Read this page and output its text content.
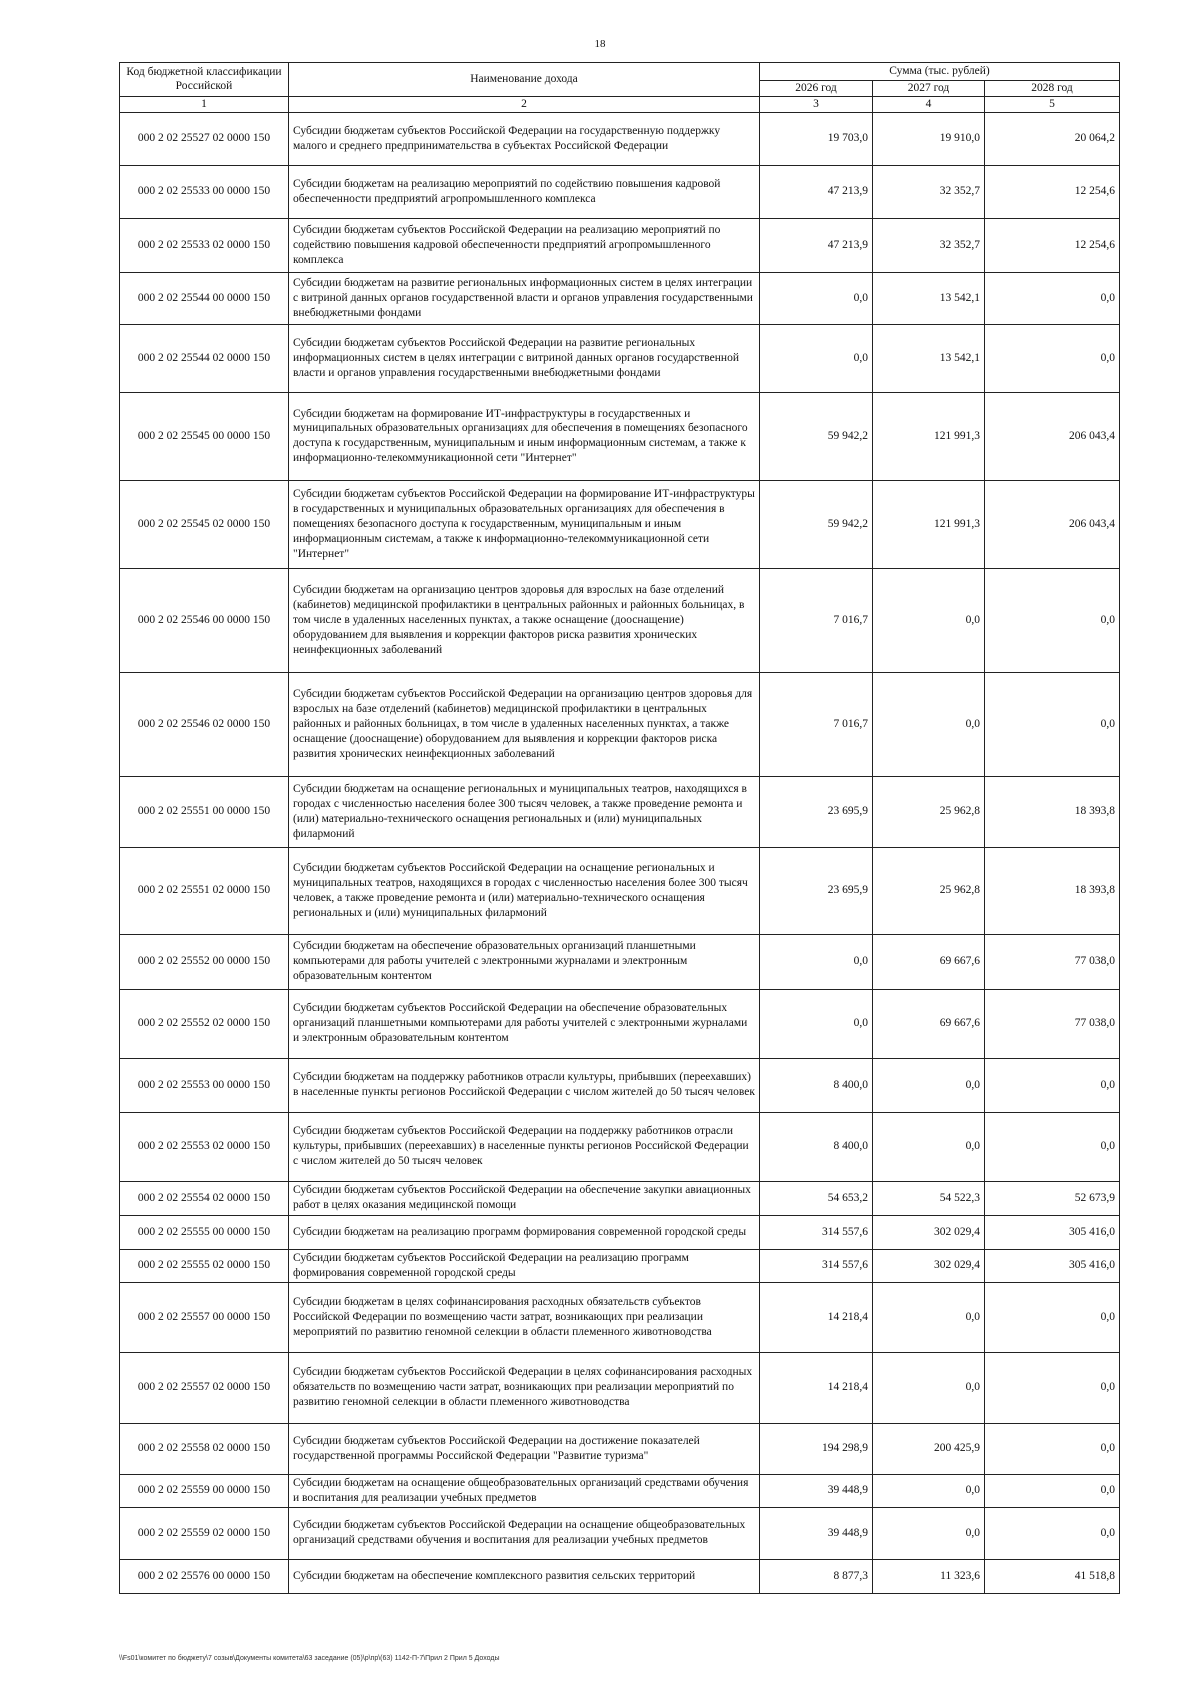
18
Код бюджетной классификации Российской	Наименование дохода	Сумма (тыс. рублей)		
		2026 год	2027 год	2028 год
1	2	3	4	5
000 2 02 25527 02 0000 150	Субсидии бюджетам субъектов Российской Федерации на государственную поддержку малого и среднего предпринимательства в субъектах Российской Федерации	19 703,0	19 910,0	20 064,2
000 2 02 25533 00 0000 150	Субсидии бюджетам на реализацию мероприятий по содействию повышения кадровой обеспеченности предприятий агропромышленного комплекса	47 213,9	32 352,7	12 254,6
000 2 02 25533 02 0000 150	Субсидии бюджетам субъектов Российской Федерации на реализацию мероприятий по содействию повышения кадровой обеспеченности предприятий агропромышленного комплекса	47 213,9	32 352,7	12 254,6
000 2 02 25544 00 0000 150	Субсидии бюджетам на развитие региональных информационных систем в целях интеграции с витриной данных органов государственной власти и органов управления государственными внебюджетными фондами	0,0	13 542,1	0,0
000 2 02 25544 02 0000 150	Субсидии бюджетам субъектов Российской Федерации на развитие региональных информационных систем в целях интеграции с витриной данных органов государственной власти и органов управления государственными внебюджетными фондами	0,0	13 542,1	0,0
000 2 02 25545 00 0000 150	Субсидии бюджетам на формирование ИТ-инфраструктуры в государственных и муниципальных образовательных организациях для обеспечения в помещениях безопасного доступа к государственным, муниципальным и иным информационным системам, а также к информационно-телекоммуникационной сети "Интернет"	59 942,2	121 991,3	206 043,4
000 2 02 25545 02 0000 150	Субсидии бюджетам субъектов Российской Федерации на формирование ИТ-инфраструктуры в государственных и муниципальных образовательных организациях для обеспечения в помещениях безопасного доступа к государственным, муниципальным и иным информационным системам, а также к информационно-телекоммуникационной сети "Интернет"	59 942,2	121 991,3	206 043,4
000 2 02 25546 00 0000 150	Субсидии бюджетам на организацию центров здоровья для взрослых на базе отделений (кабинетов) медицинской профилактики в центральных районных и районных больницах, в том числе в удаленных населенных пунктах, а также оснащение (дооснащение) оборудованием для выявления и коррекции факторов риска развития хронических неинфекционных заболеваний	7 016,7	0,0	0,0
000 2 02 25546 02 0000 150	Субсидии бюджетам субъектов Российской Федерации на организацию центров здоровья для взрослых на базе отделений (кабинетов) медицинской профилактики в центральных районных и районных больницах, в том числе в удаленных населенных пунктах, а также оснащение (дооснащение) оборудованием для выявления и коррекции факторов риска развития хронических неинфекционных заболеваний	7 016,7	0,0	0,0
000 2 02 25551 00 0000 150	Субсидии бюджетам на оснащение региональных и муниципальных театров, находящихся в городах с численностью населения более 300 тысяч человек, а также проведение ремонта и (или) материально-технического оснащения региональных и (или) муниципальных филармоний	23 695,9	25 962,8	18 393,8
000 2 02 25551 02 0000 150	Субсидии бюджетам субъектов Российской Федерации на оснащение региональных и муниципальных театров, находящихся в городах с численностью населения более 300 тысяч человек, а также проведение ремонта и (или) материально-технического оснащения региональных и (или) муниципальных филармоний	23 695,9	25 962,8	18 393,8
000 2 02 25552 00 0000 150	Субсидии бюджетам на обеспечение образовательных организаций планшетными компьютерами для работы учителей с электронными журналами и электронным образовательным контентом	0,0	69 667,6	77 038,0
000 2 02 25552 02 0000 150	Субсидии бюджетам субъектов Российской Федерации на обеспечение образовательных организаций планшетными компьютерами для работы учителей с электронными журналами и электронным образовательным контентом	0,0	69 667,6	77 038,0
000 2 02 25553 00 0000 150	Субсидии бюджетам на поддержку работников отрасли культуры, прибывших (переехавших) в населенные пункты регионов Российской Федерации с числом жителей до 50 тысяч человек	8 400,0	0,0	0,0
000 2 02 25553 02 0000 150	Субсидии бюджетам субъектов Российской Федерации на поддержку работников отрасли культуры, прибывших (переехавших) в населенные пункты регионов Российской Федерации с числом жителей до 50 тысяч человек	8 400,0	0,0	0,0
000 2 02 25554 02 0000 150	Субсидии бюджетам субъектов Российской Федерации на обеспечение закупки авиационных работ в целях оказания медицинской помощи	54 653,2	54 522,3	52 673,9
000 2 02 25555 00 0000 150	Субсидии бюджетам на реализацию программ формирования современной городской среды	314 557,6	302 029,4	305 416,0
000 2 02 25555 02 0000 150	Субсидии бюджетам субъектов Российской Федерации на реализацию программ формирования современной городской среды	314 557,6	302 029,4	305 416,0
000 2 02 25557 00 0000 150	Субсидии бюджетам в целях софинансирования расходных обязательств субъектов Российской Федерации по возмещению части затрат, возникающих при реализации мероприятий по развитию геномной селекции в области племенного животноводства	14 218,4	0,0	0,0
000 2 02 25557 02 0000 150	Субсидии бюджетам субъектов Российской Федерации в целях софинансирования расходных обязательств по возмещению части затрат, возникающих при реализации мероприятий по развитию геномной селекции в области племенного животноводства	14 218,4	0,0	0,0
000 2 02 25558 02 0000 150	Субсидии бюджетам субъектов Российской Федерации на достижение показателей государственной программы Российской Федерации "Развитие туризма"	194 298,9	200 425,9	0,0
000 2 02 25559 00 0000 150	Субсидии бюджетам на оснащение общеобразовательных организаций средствами обучения и воспитания для реализации учебных предметов	39 448,9	0,0	0,0
000 2 02 25559 02 0000 150	Субсидии бюджетам субъектов Российской Федерации на оснащение общеобразовательных организаций средствами обучения и воспитания для реализации учебных предметов	39 448,9	0,0	0,0
000 2 02 25576 00 0000 150	Субсидии бюджетам на обеспечение комплексного развития сельских территорий	8 877,3	11 323,6	41 518,8
\\Fs01\комитет по бюджету\7 созыв\Документы комитета\63 заседание (05)\р\пр\(63) 1142-П-7\Прил 2 Прил 5 Доходы
